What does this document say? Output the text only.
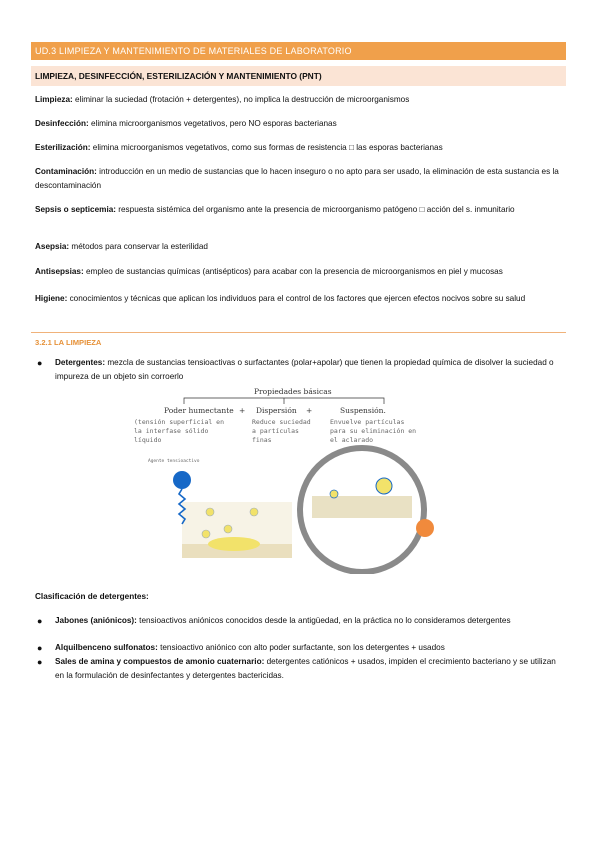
UD.3 LIMPIEZA Y MANTENIMIENTO DE MATERIALES DE LABORATORIO
LIMPIEZA, DESINFECCIÓN, ESTERILIZACIÓN Y MANTENIMIENTO (PNT)

Limpieza: eliminar la suciedad (frotación + detergentes), no implica la destrucción de microorganismos

Desinfección: elimina microorganismos vegetativos, pero NO esporas bacterianas

Esterilización: elimina microorganismos vegetativos, como sus formas de resistencia □ las esporas bacterianas

Contaminación: introducción en un medio de sustancias que lo hacen inseguro o no apto para ser usado, la eliminación de esta sustancia es la descontaminación

Sepsis o septicemia: respuesta sistémica del organismo ante la presencia de microorganismo patógeno □ acción del s. inmunitario

Asepsia: métodos para conservar la esterilidad

Antisepsias: empleo de sustancias químicas (antisépticos) para acabar con la presencia de microorganismos en piel y mucosas

Higiene: conocimientos y técnicas que aplican los individuos para el control de los factores que ejercen efectos nocivos sobre su salud

3.2.1 LA LIMPIEZA
● Detergentes: mezcla de sustancias tensioactivas o surfactantes (polar+apolar) que tienen la propiedad química de disolver la suciedad o impureza de un objeto sin corroerlo
Propiedades básicas
Poder humectante +
(tensión superficial en
la interfase sólido
líquido
Dispersión +
Reduce suciedad
a partículas
finas
Suspensión.
Envuelve partículas
para su eliminación en
el aclarado
Agente tensioactivo

Clasificación de detergentes:

● Jabones (aniónicos): tensioactivos aniónicos conocidos desde la antigüedad, en la práctica no lo consideramos detergentes
● Alquilbenceno sulfonatos: tensioactivo aniónico con alto poder surfactante, son los detergentes + usados
● Sales de amina y compuestos de amonio cuaternario: detergentes catiónicos + usados, impiden el crecimiento bacteriano y se utilizan en la formulación de desinfectantes y detergentes bactericidas.
